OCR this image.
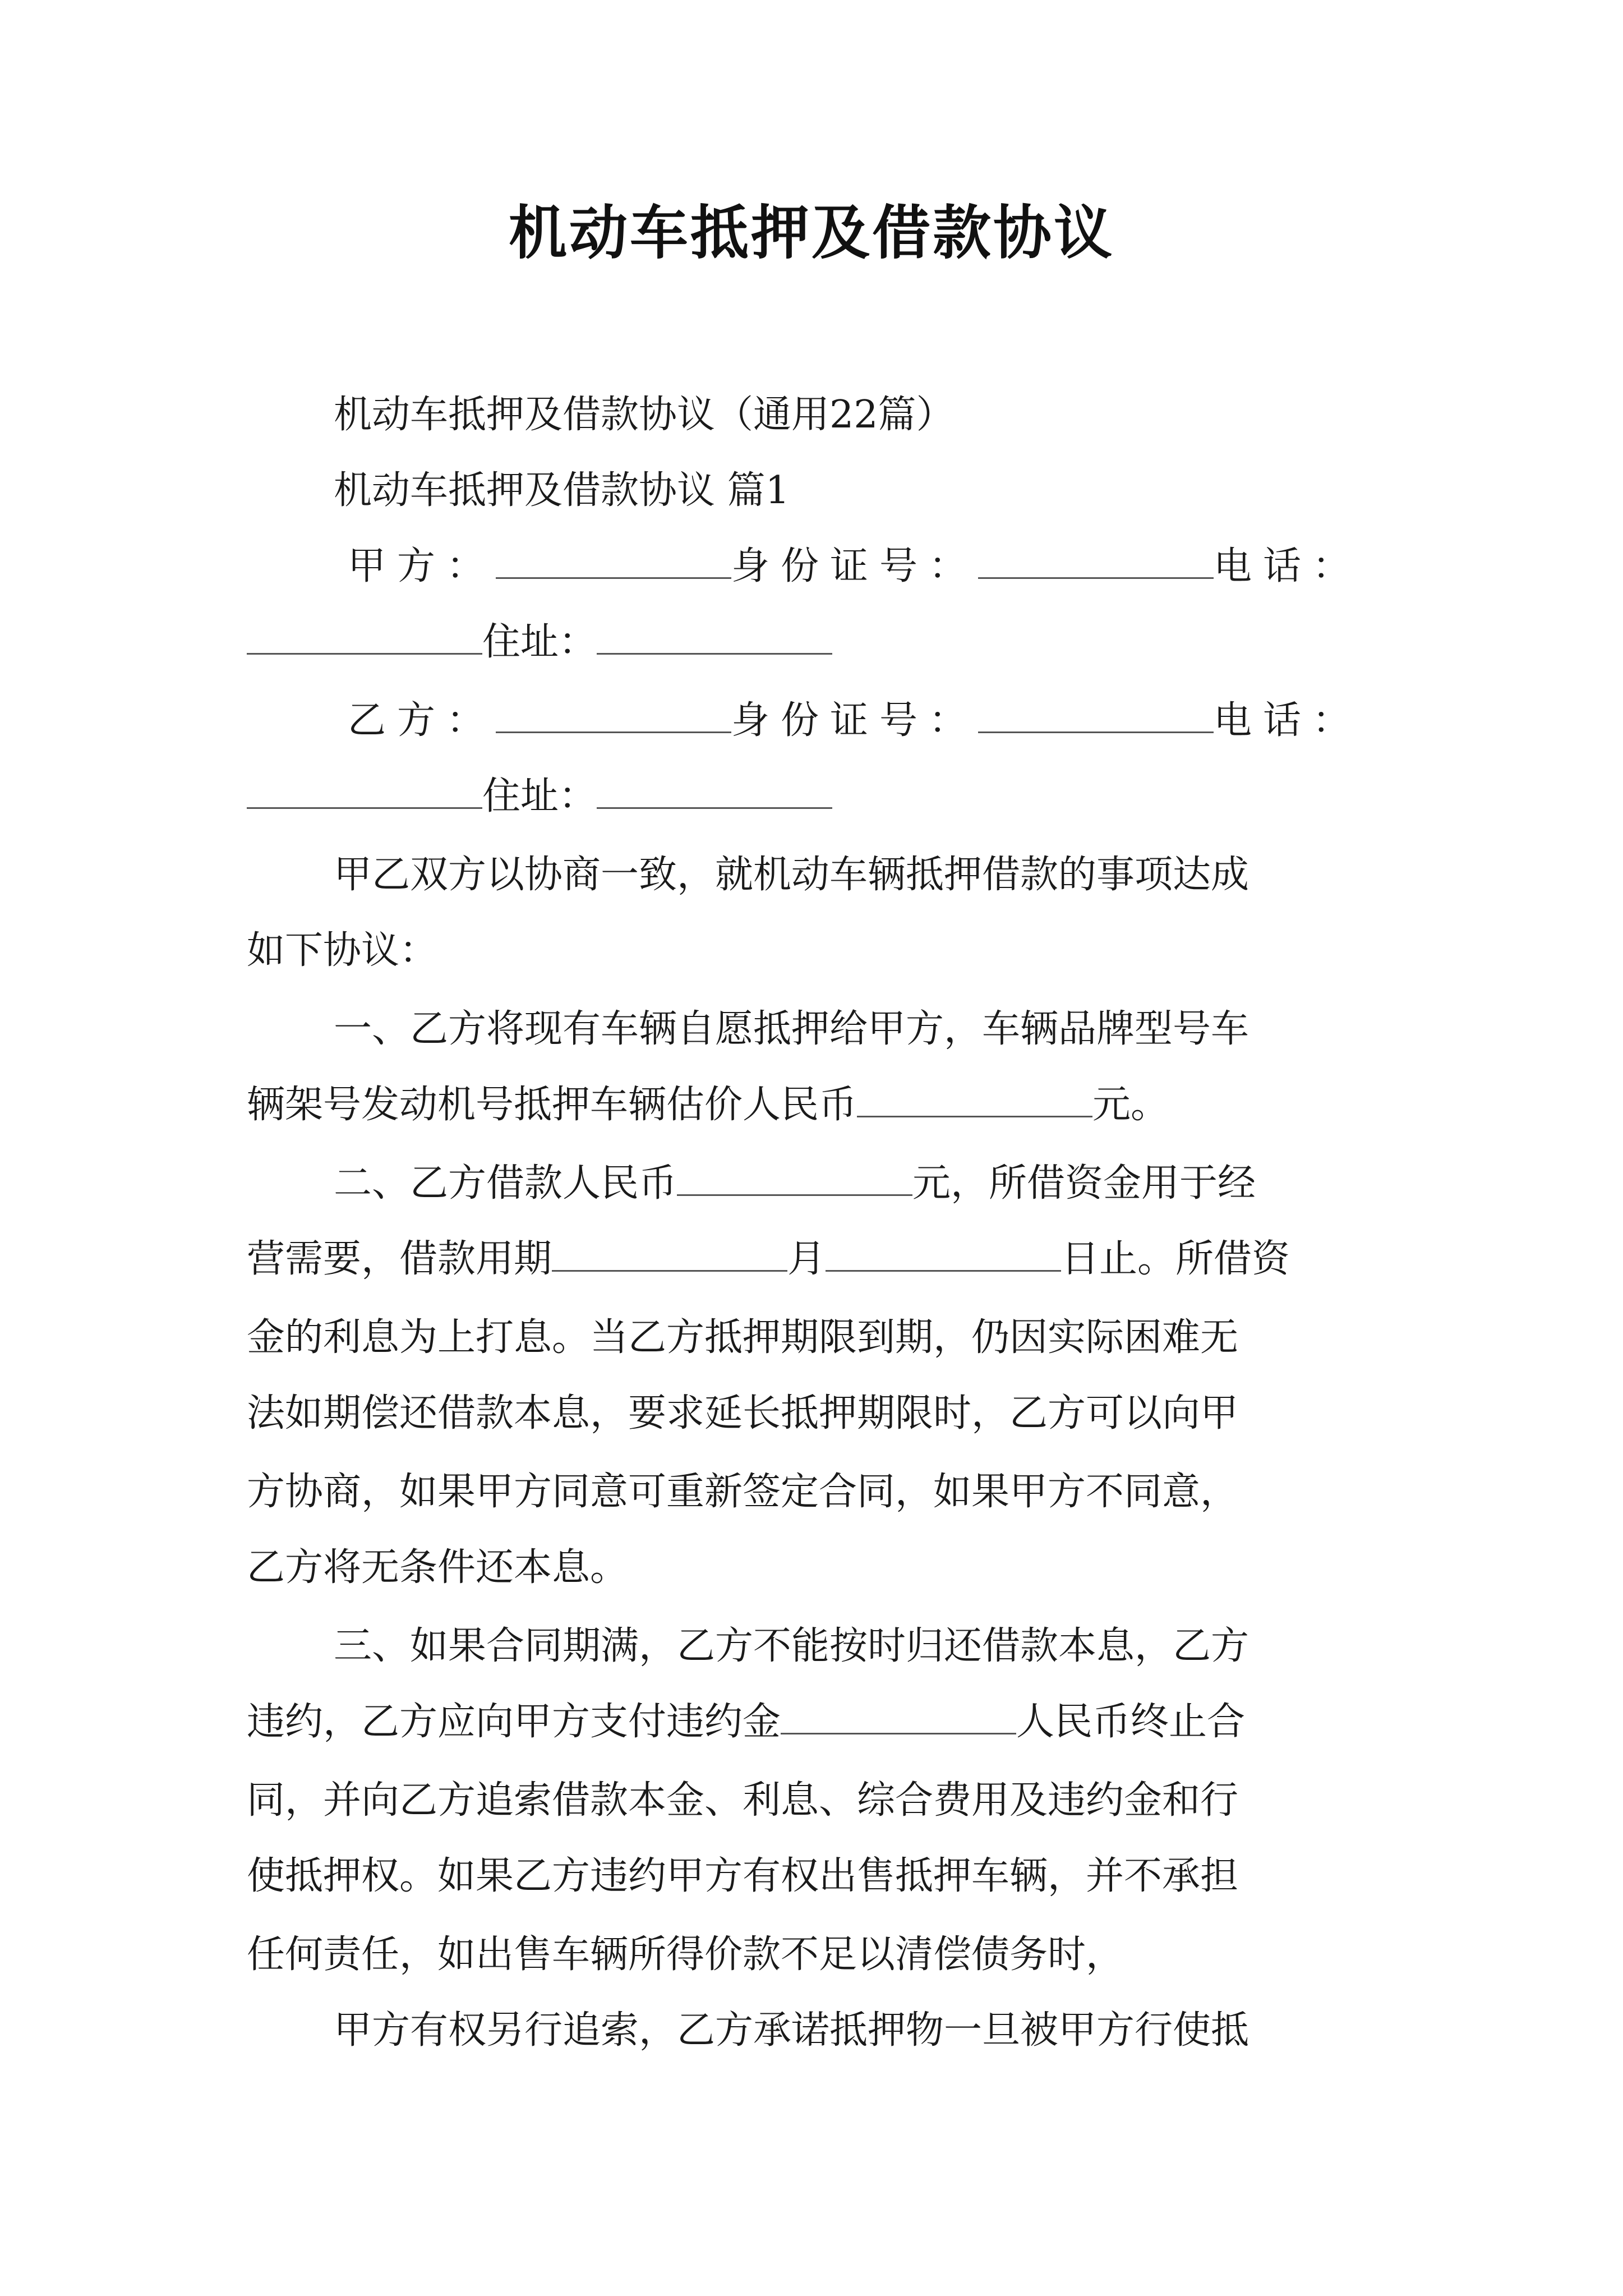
机动车抵押及借款协议
机动车抵押及借款协议（通用22篇）
机动车抵押及借款协议 篇1
甲方：	身份证号：	电话：
住址：
乙方：	身份证号：	电话：
住址：
甲乙双方以协商一致，就机动车辆抵押借款的事项达成
如下协议：
一、乙方将现有车辆自愿抵押给甲方，车辆品牌型号车
辆架号发动机号抵押车辆估价人民币	元。
二、乙方借款人民币	元，所借资金用于经
营需要，借款用期	月	日止。所借资
金的利息为上打息。当乙方抵押期限到期，仍因实际困难无
法如期偿还借款本息，要求延长抵押期限时，乙方可以向甲
方协商，如果甲方同意可重新签定合同，如果甲方不同意，
乙方将无条件还本息。
三、如果合同期满，乙方不能按时归还借款本息，乙方
违约，乙方应向甲方支付违约金	人民币终止合
同，并向乙方追索借款本金、利息、综合费用及违约金和行
使抵押权。如果乙方违约甲方有权出售抵押车辆，并不承担
任何责任，如出售车辆所得价款不足以清偿债务时，
甲方有权另行追索，乙方承诺抵押物一旦被甲方行使抵
